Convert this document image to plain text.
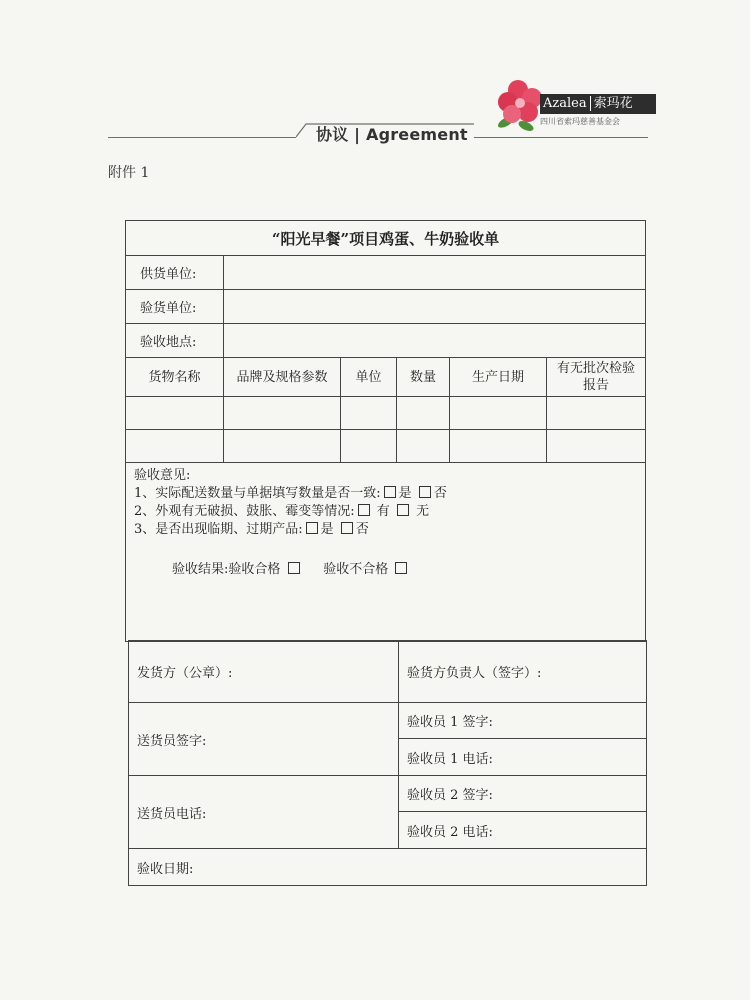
协议 | Agreement
Azalea 索玛花
四川省索玛慈善基金会
附件 1
“阳光早餐”项目鸡蛋、牛奶验收单					
供货单位:					
验货单位:					
验收地点:					
货物名称	品牌及规格参数	单位	数量	生产日期	有无批次检验报告

验收意见:
1、实际配送数量与单据填写数量是否一致: 是 否
2、外观有无破损、鼓胀、霉变等情况: 有 无
3、是否出现临期、过期产品: 是 否
验收结果:验收合格 验收不合格					
发货方（公章）:	验货方负责人（签字）:
送货员签字:	验收员 1 签字:
	验收员 1 电话:
送货员电话:	验收员 2 签字:
	验收员 2 电话:
验收日期:	
